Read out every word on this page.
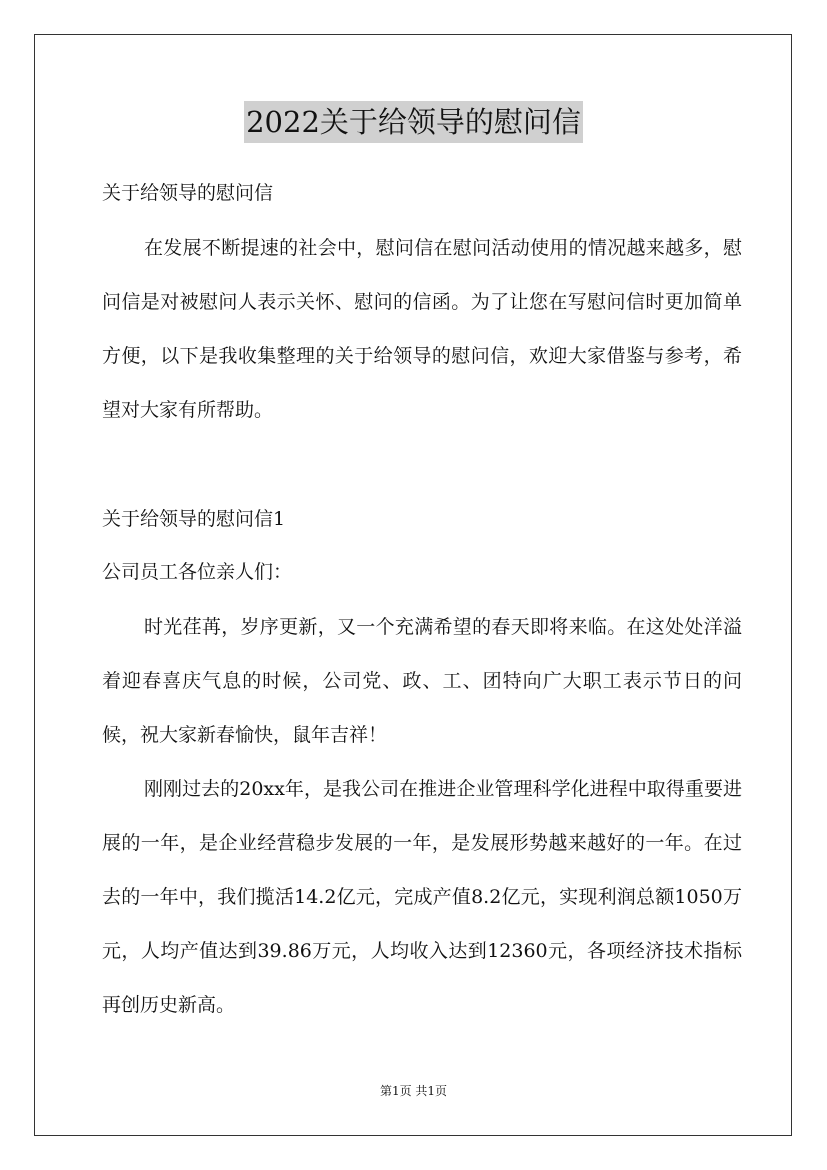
2022关于给领导的慰问信
关于给领导的慰问信
在发展不断提速的社会中，慰问信在慰问活动使用的情况越来越多，慰问信是对被慰问人表示关怀、慰问的信函。为了让您在写慰问信时更加简单方便，以下是我收集整理的关于给领导的慰问信，欢迎大家借鉴与参考，希望对大家有所帮助。
关于给领导的慰问信1
公司员工各位亲人们：
时光荏苒，岁序更新，又一个充满希望的春天即将来临。在这处处洋溢着迎春喜庆气息的时候，公司党、政、工、团特向广大职工表示节日的问候，祝大家新春愉快，鼠年吉祥！
刚刚过去的20xx年，是我公司在推进企业管理科学化进程中取得重要进展的一年，是企业经营稳步发展的一年，是发展形势越来越好的一年。在过去的一年中，我们揽活14.2亿元，完成产值8.2亿元，实现利润总额1050万元，人均产值达到39.86万元，人均收入达到12360元，各项经济技术指标再创历史新高。
第1页 共1页
